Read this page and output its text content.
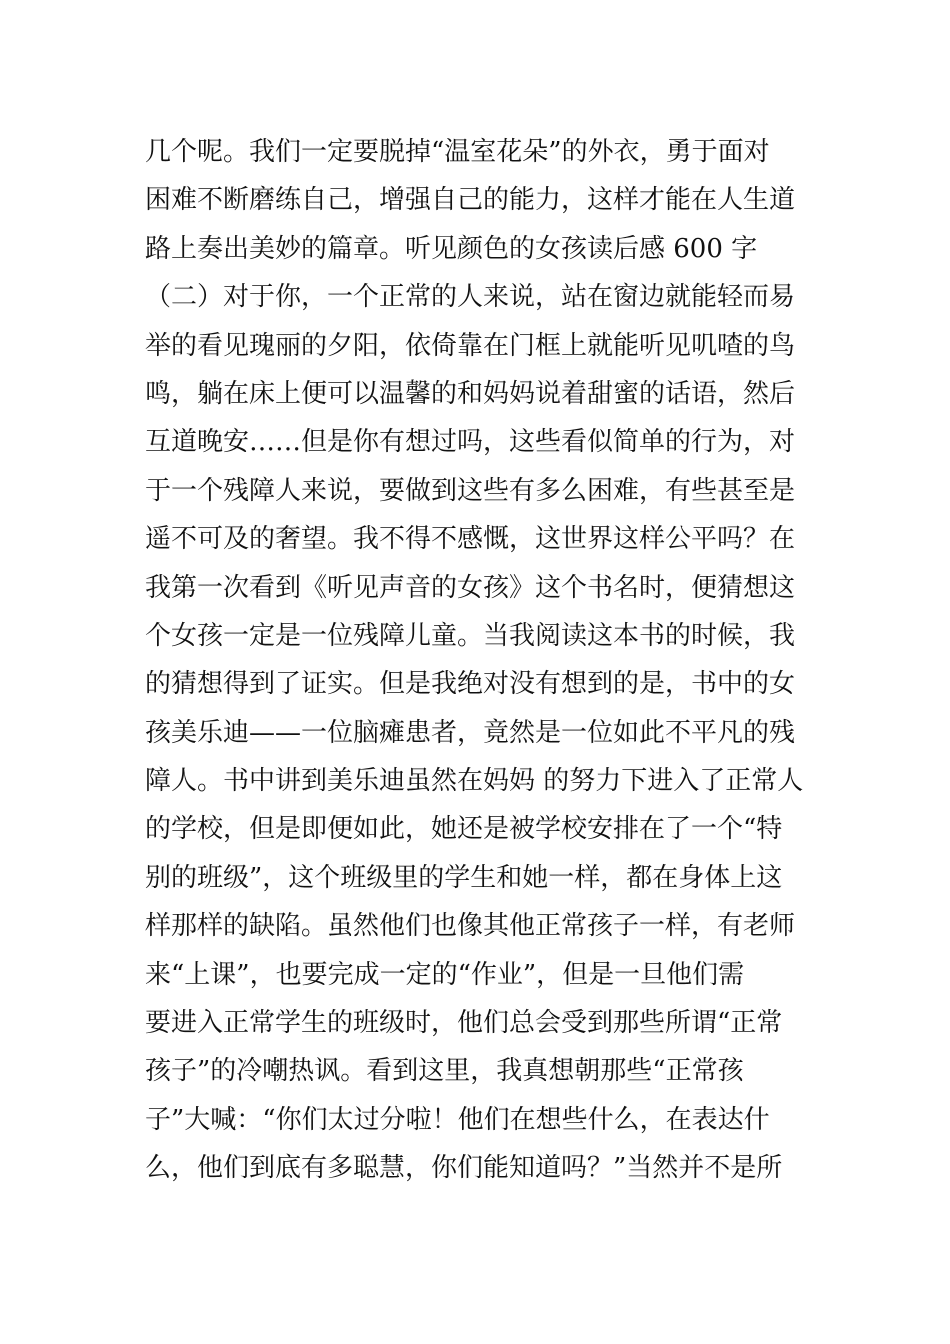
几个呢。我们一定要脱掉“温室花朵”的外衣，勇于面对
困难不断磨练自己，增强自己的能力，这样才能在人生道
路上奏出美妙的篇章。听见颜色的女孩读后感 600 字
（二）对于你，一个正常的人来说，站在窗边就能轻而易
举的看见瑰丽的夕阳，依倚靠在门框上就能听见叽喳的鸟
鸣，躺在床上便可以温馨的和妈妈说着甜蜜的话语，然后
互道晚安……但是你有想过吗，这些看似简单的行为，对
于一个残障人来说，要做到这些有多么困难，有些甚至是
遥不可及的奢望。我不得不感慨，这世界这样公平吗？在
我第一次看到《听见声音的女孩》这个书名时，便猜想这
个女孩一定是一位残障儿童。当我阅读这本书的时候，我
的猜想得到了证实。但是我绝对没有想到的是，书中的女
孩美乐迪——一位脑瘫患者，竟然是一位如此不平凡的残
障人。书中讲到美乐迪虽然在妈妈 的努力下进入了正常人
的学校，但是即便如此，她还是被学校安排在了一个“特
别的班级”，这个班级里的学生和她一样，都在身体上这
样那样的缺陷。虽然他们也像其他正常孩子一样，有老师
来“上课”，也要完成一定的“作业”，但是一旦他们需
要进入正常学生的班级时，他们总会受到那些所谓“正常
孩子”的冷嘲热讽。看到这里，我真想朝那些“正常孩
子”大喊：“你们太过分啦！他们在想些什么，在表达什
么，他们到底有多聪慧，你们能知道吗？”当然并不是所
